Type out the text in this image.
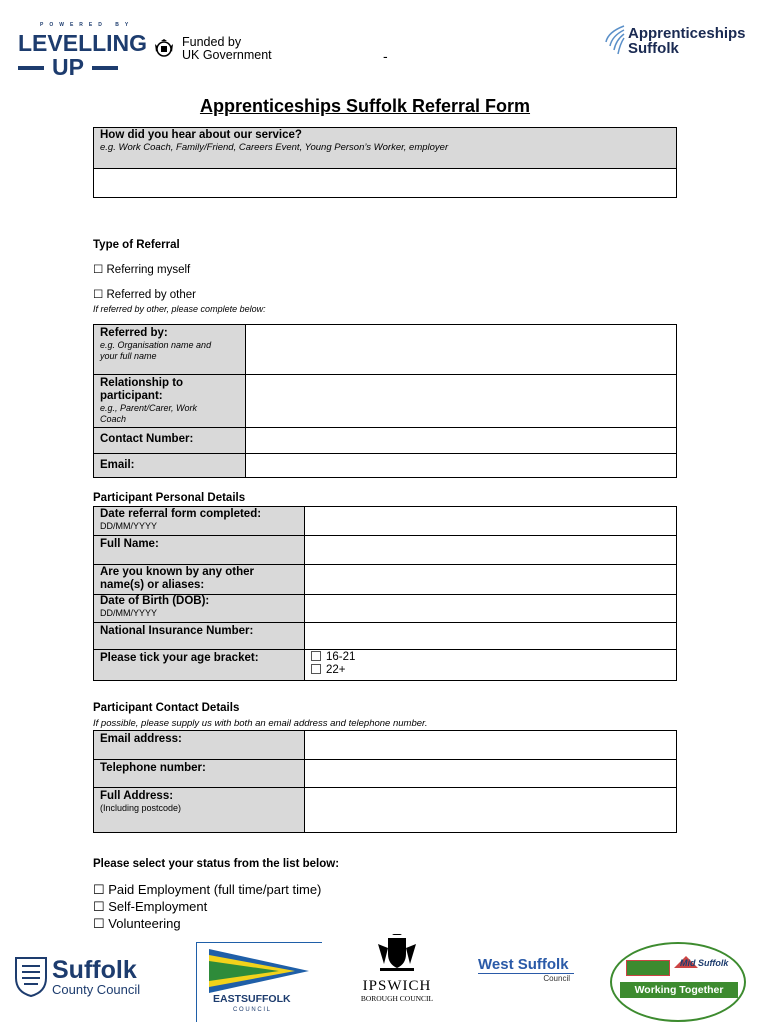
POWERED BY
LEVELLING
UP
Funded by
UK Government	-
Apprenticeships
Suffolk
Apprenticeships Suffolk Referral Form
How did you hear about our service?
e.g. Work Coach, Family/Friend, Careers Event, Young Person’s Worker, employer
Type of Referral
☐ Referring myself
☐ Referred by other
If referred by other, please complete below:
Referred by:
e.g. Organisation name and
your full name	

Relationship to
participant:
e.g., Parent/Carer, Work
Coach	

Contact Number:	

Email:	

Participant Personal Details
Date referral form completed:
DD/MM/YYYY	

Full Name:	

Are you known by any other
name(s) or aliases:	

Date of Birth (DOB):
DD/MM/YYYY	

National Insurance Number:	

Please tick your age bracket:	16-21
22+
Participant Contact Details
If possible, please supply us with both an email address and telephone number.
Email address:	

Telephone number:	

Full Address:
(Including postcode)	

Please select your status from the list below:
☐ Paid Employment (full time/part time)
☐ Self-Employment
☐ Volunteering
Suffolk
County Council
EASTSUFFOLK
C O U N C I L
IPSWICH
BOROUGH COUNCIL
West Suffolk
Council
Mid Suffolk
Working Together
